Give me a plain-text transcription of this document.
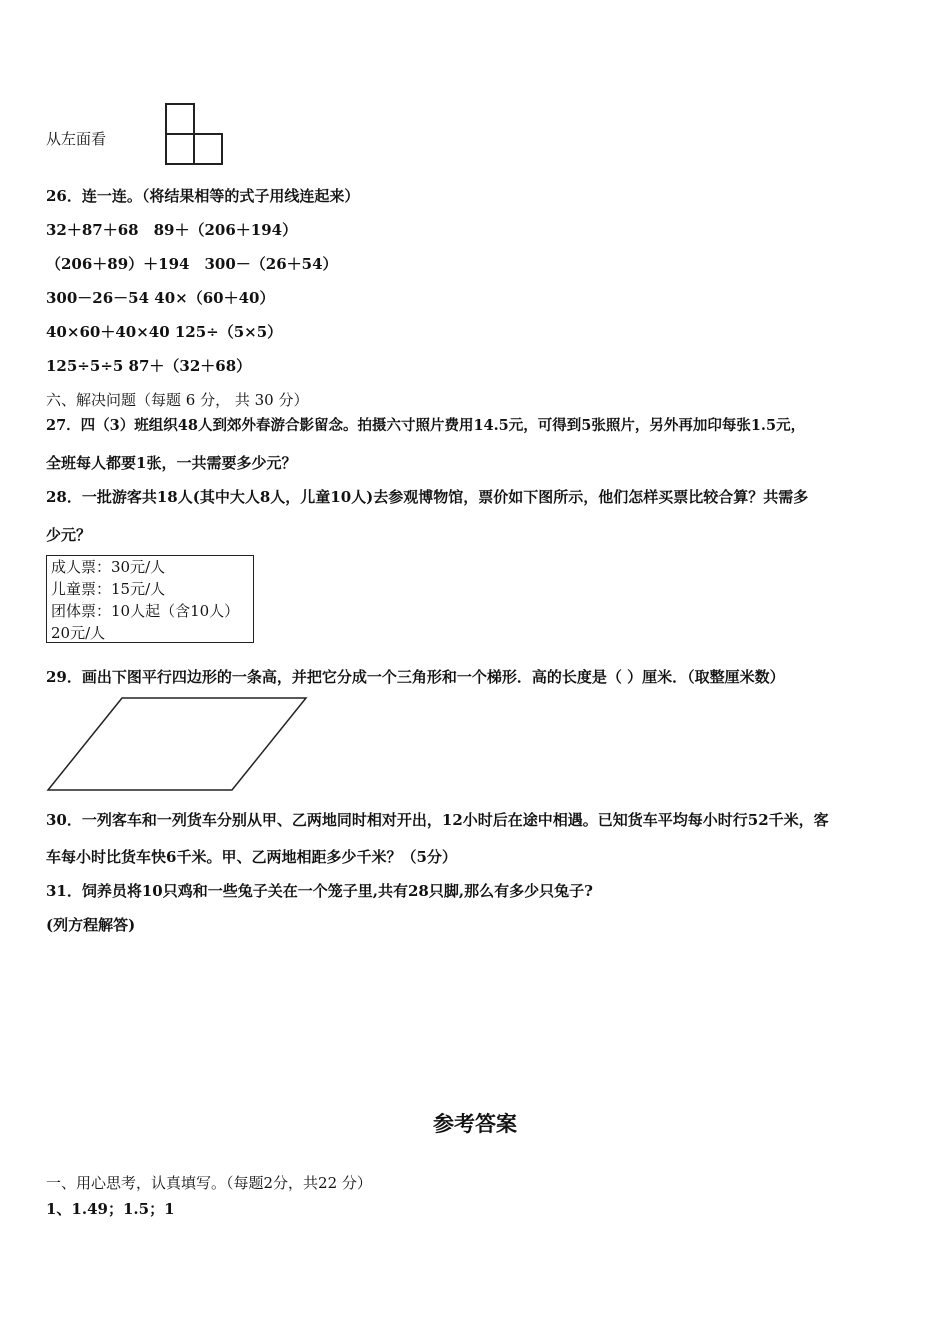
从左面看
26．连一连。（将结果相等的式子用线连起来）
32＋87＋68　89＋（206＋194）
（206＋89）＋194　300－（26＋54）
300－26－54 40×（60＋40）
40×60＋40×40 125÷（5×5）
125÷5÷5 87＋（32＋68）
六、解决问题（每题 6 分， 共 30 分）
27．四（3）班组织48人到郊外春游合影留念。拍摄六寸照片费用14.5元，可得到5张照片，另外再加印每张1.5元，
全班每人都要1张，一共需要多少元？
28．一批游客共18人(其中大人8人，儿童10人)去参观博物馆，票价如下图所示，他们怎样买票比较合算？共需多
少元？
成人票：30元/人
儿童票：15元/人
团体票：10人起（含10人）
20元/人
29．画出下图平行四边形的一条高，并把它分成一个三角形和一个梯形．高的长度是（ ）厘米．（取整厘米数）
30．一列客车和一列货车分别从甲、乙两地同时相对开出，12小时后在途中相遇。已知货车平均每小时行52千米，客
车每小时比货车快6千米。甲、乙两地相距多少千米？（5分）
31．饲养员将10只鸡和一些兔子关在一个笼子里,共有28只脚,那么有多少只兔子?
(列方程解答)
参考答案
一、用心思考，认真填写。（每题2分，共22 分）
1、1.49；1.5；1
